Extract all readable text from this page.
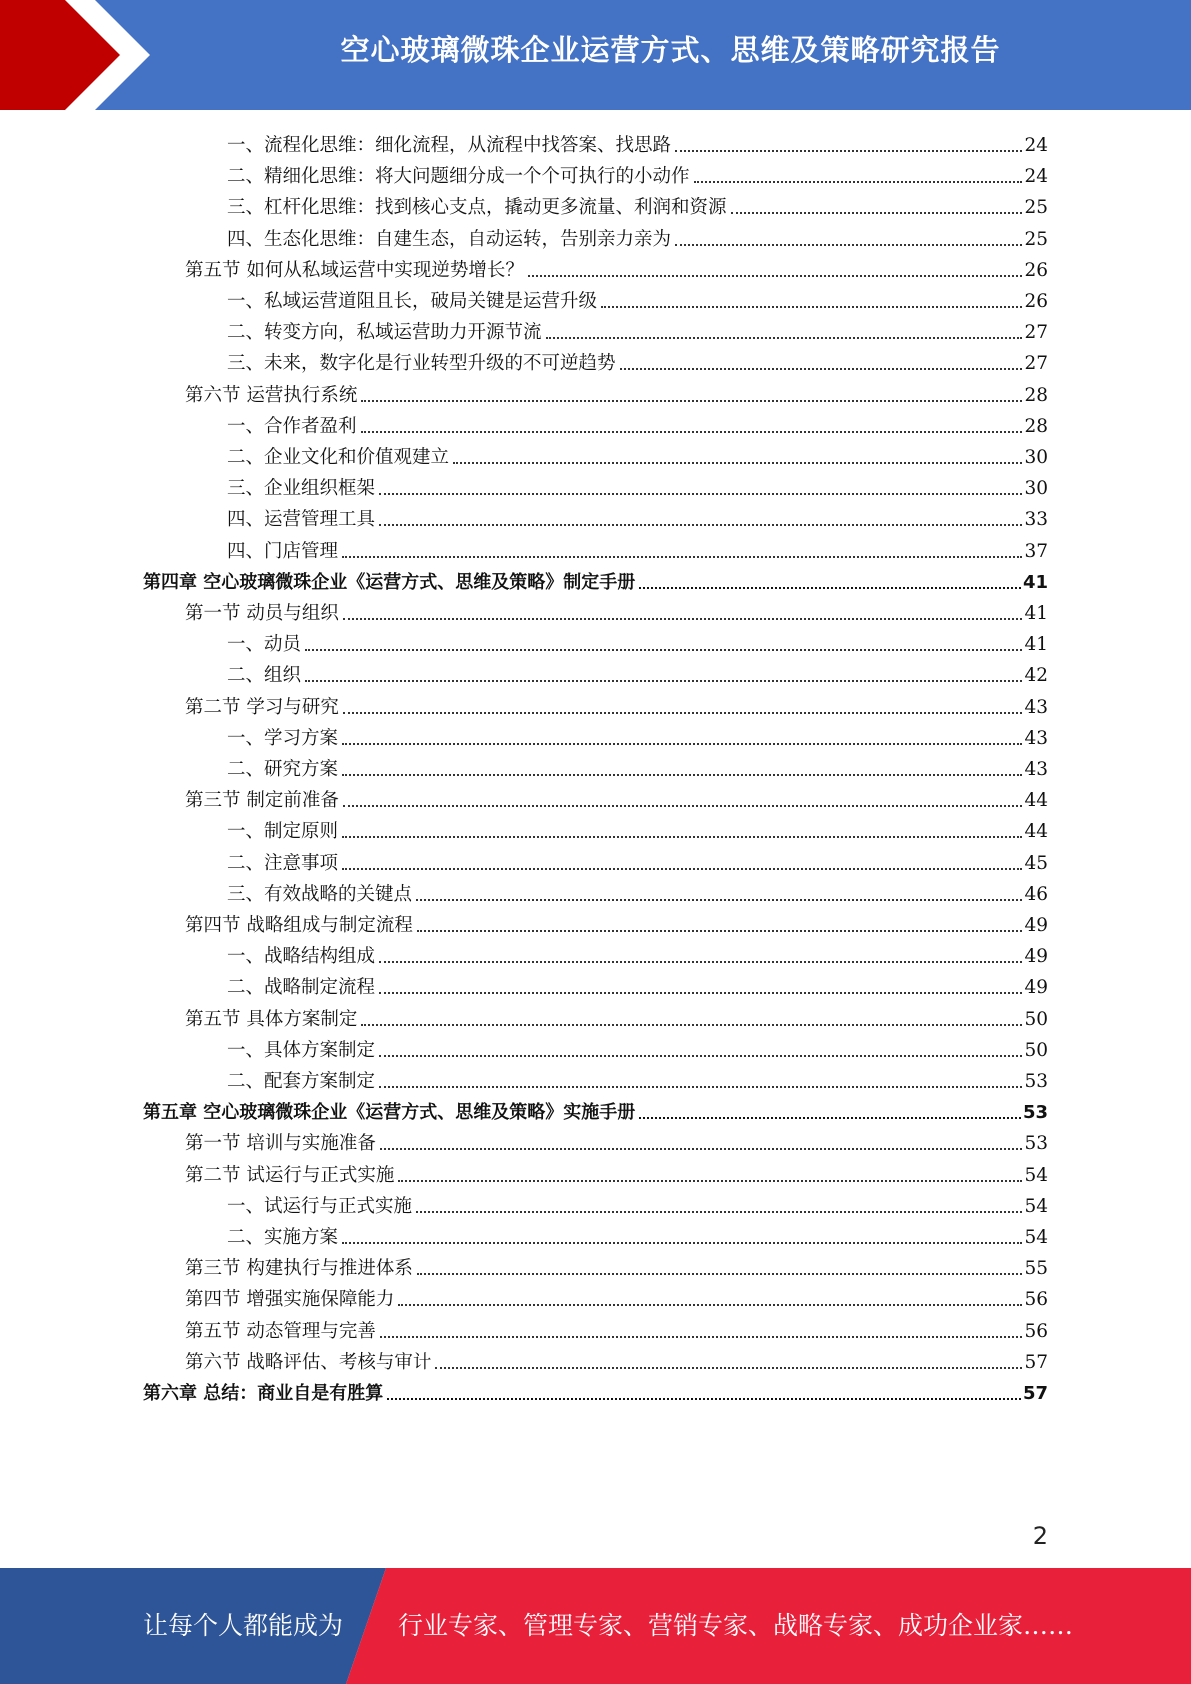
空心玻璃微珠企业运营方式、思维及策略研究报告
一、流程化思维：细化流程，从流程中找答案、找思路	24
二、精细化思维：将大问题细分成一个个可执行的小动作	24
三、杠杆化思维：找到核心支点，撬动更多流量、利润和资源	25
四、生态化思维：自建生态，自动运转，告别亲力亲为	25
第五节 如何从私域运营中实现逆势增长？	26
一、私域运营道阻且长，破局关键是运营升级	26
二、转变方向，私域运营助力开源节流	27
三、未来，数字化是行业转型升级的不可逆趋势	27
第六节 运营执行系统	28
一、合作者盈利	28
二、企业文化和价值观建立	30
三、企业组织框架	30
四、运营管理工具	33
四、门店管理	37
第四章 空心玻璃微珠企业《运营方式、思维及策略》制定手册	41
第一节 动员与组织	41
一、动员	41
二、组织	42
第二节 学习与研究	43
一、学习方案	43
二、研究方案	43
第三节 制定前准备	44
一、制定原则	44
二、注意事项	45
三、有效战略的关键点	46
第四节 战略组成与制定流程	49
一、战略结构组成	49
二、战略制定流程	49
第五节 具体方案制定	50
一、具体方案制定	50
二、配套方案制定	53
第五章 空心玻璃微珠企业《运营方式、思维及策略》实施手册	53
第一节 培训与实施准备	53
第二节 试运行与正式实施	54
一、试运行与正式实施	54
二、实施方案	54
第三节 构建执行与推进体系	55
第四节 增强实施保障能力	56
第五节 动态管理与完善	56
第六节 战略评估、考核与审计	57
第六章 总结：商业自是有胜算	57
2
让每个人都能成为 行业专家、管理专家、营销专家、战略专家、成功企业家……
